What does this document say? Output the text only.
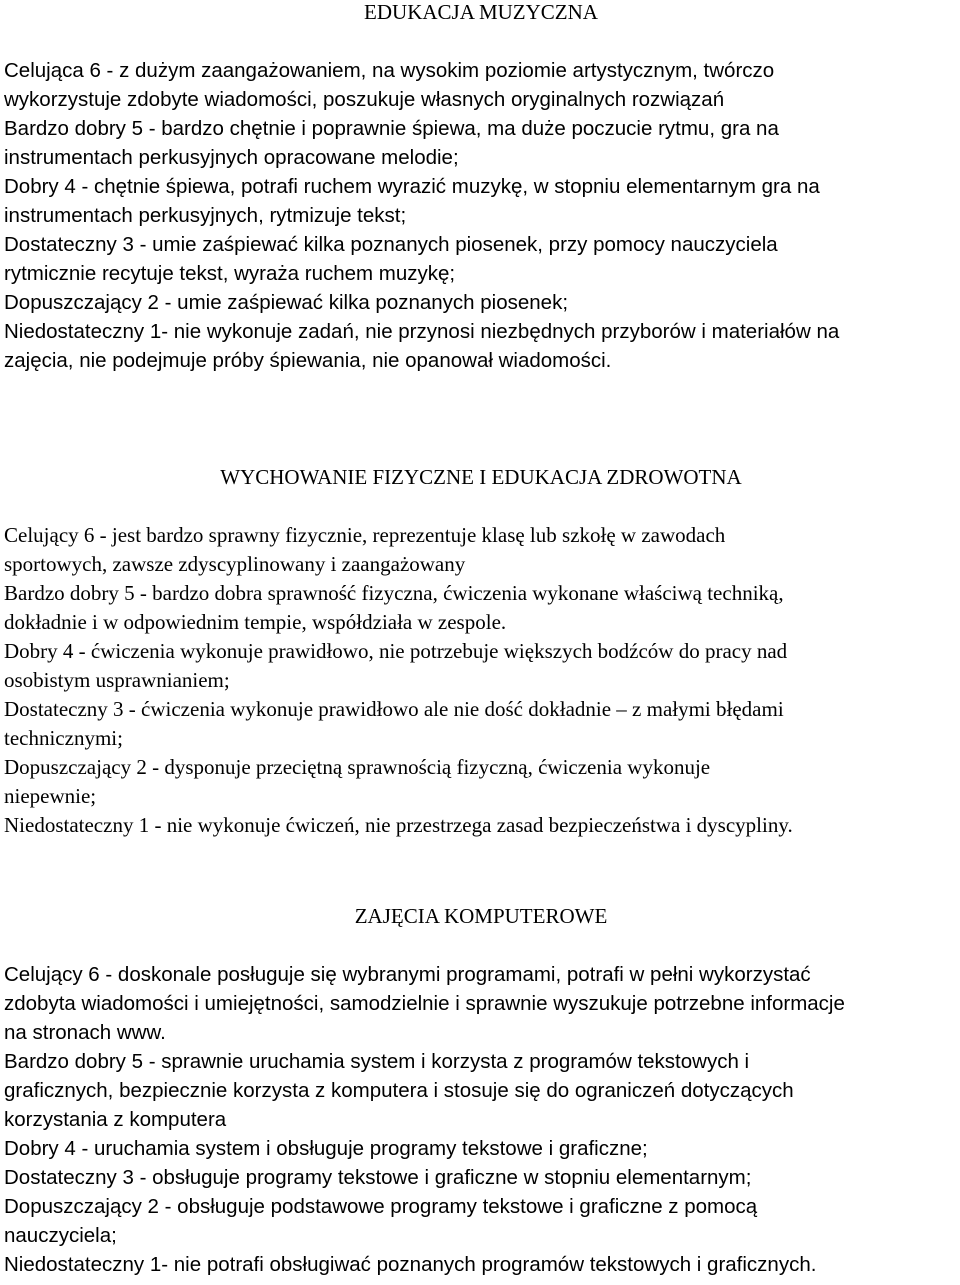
EDUKACJA MUZYCZNA
Celująca 6 - z dużym zaangażowaniem, na wysokim poziomie artystycznym, twórczo
wykorzystuje zdobyte wiadomości, poszukuje własnych oryginalnych rozwiązań
Bardzo dobry 5 - bardzo chętnie i poprawnie śpiewa, ma duże poczucie rytmu, gra na
instrumentach perkusyjnych opracowane melodie;
Dobry 4 - chętnie śpiewa, potrafi ruchem wyrazić muzykę, w stopniu elementarnym gra na
instrumentach perkusyjnych, rytmizuje tekst;
Dostateczny 3 - umie zaśpiewać kilka poznanych piosenek, przy pomocy nauczyciela
rytmicznie recytuje tekst, wyraża ruchem muzykę;
Dopuszczający 2 - umie zaśpiewać kilka poznanych piosenek;
Niedostateczny 1- nie wykonuje zadań, nie przynosi niezbędnych przyborów i materiałów na
zajęcia, nie podejmuje próby śpiewania, nie opanował wiadomości.
WYCHOWANIE FIZYCZNE I EDUKACJA ZDROWOTNA
Celujący 6 - jest bardzo sprawny fizycznie, reprezentuje klasę lub szkołę w zawodach
sportowych, zawsze zdyscyplinowany i zaangażowany
Bardzo dobry 5 - bardzo dobra sprawność fizyczna, ćwiczenia wykonane właściwą techniką,
dokładnie i w odpowiednim tempie, współdziała w zespole.
Dobry 4 - ćwiczenia wykonuje prawidłowo, nie potrzebuje większych bodźców do pracy nad
osobistym usprawnianiem;
Dostateczny 3 - ćwiczenia wykonuje prawidłowo ale nie dość dokładnie – z małymi błędami
technicznymi;
Dopuszczający 2 - dysponuje przeciętną sprawnością fizyczną, ćwiczenia wykonuje
niepewnie;
Niedostateczny 1 - nie wykonuje ćwiczeń, nie przestrzega zasad bezpieczeństwa i dyscypliny.
ZAJĘCIA KOMPUTEROWE
Celujący 6 - doskonale posługuje się wybranymi programami, potrafi w pełni wykorzystać
zdobyta wiadomości i umiejętności, samodzielnie i sprawnie wyszukuje potrzebne informacje
na stronach www.
Bardzo dobry 5 - sprawnie uruchamia system i korzysta z programów tekstowych i
graficznych, bezpiecznie korzysta z komputera i stosuje się do ograniczeń dotyczących
korzystania z komputera
Dobry 4 - uruchamia system i obsługuje programy tekstowe i graficzne;
Dostateczny 3 - obsługuje programy tekstowe i graficzne w stopniu elementarnym;
Dopuszczający 2 - obsługuje podstawowe programy tekstowe i graficzne z pomocą
nauczyciela;
Niedostateczny 1- nie potrafi obsługiwać poznanych programów tekstowych i graficznych.
